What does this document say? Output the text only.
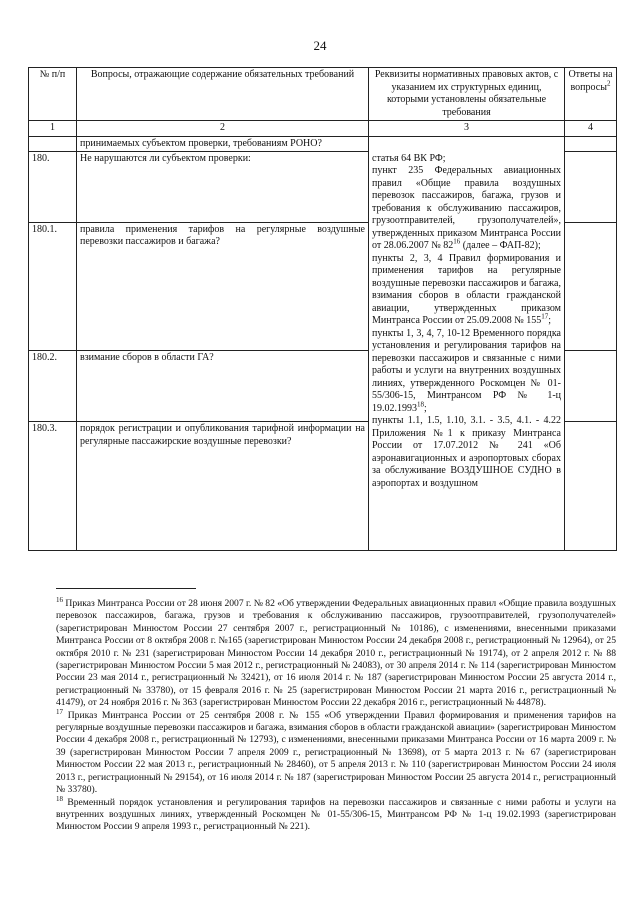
24
№ п/п	Вопросы, отражающие содержание обязательных требований	Реквизиты нормативных правовых актов, с указанием их структурных единиц, которыми установлены обязательные требования	Ответы на вопросы$^2$
1	2	3	4
	принимаемых субъектом проверки, требованиям РОНО?		
180.	Не нарушаются ли субъектом проверки:	статья 64 ВК РФ;
пункт 235 Федеральных авиационных правил «Общие правила воздушных перевозок пассажиров, багажа, грузов и требования к обслуживанию пассажиров, грузоотправителей, грузополучателей», утвержденных приказом Минтранса России от 28.06.2007 № $82^{16}$ (далее – ФАП-82);
пункты 2, 3, 4 Правил формирования и применения тарифов на регулярные воздушные перевозки пассажиров и багажа, взимания сборов в области гражданской авиации, утвержденных приказом Минтранса России от 25.09.2008 № $155^{17}$;
пункты 1, 3, 4, 7, 10-12 Временного порядка установления и регулирования тарифов на перевозки пассажиров и связанные с ними работы и услуги на внутренних воздушных линиях, утвержденного Роскомцен № 01-55/306-15, Минтрансом РФ № 1-ц 19.02.1993$^{18}$;
пункты 1.1, 1.5, 1.10, 3.1. - 3.5, 4.1. - 4.22 Приложения №1 к приказу Минтранса России от 17.07.2012 № 241 «Об аэронавигационных и аэропортовых сборах за обслуживание ВОЗДУШНОЕ СУДНО в аэропортах и воздушном	

180.1.	правила применения тарифов на регулярные воздушные перевозки пассажиров и багажа?		
180.2.	взимание сборов в области ГА?		
180.3.	порядок регистрации и опубликования тарифной информации на регулярные пассажирские воздушные перевозки?		

$^{16}$ Приказ Минтранса России от 28 июня 2007 г. № 82 «Об утверждении Федеральных авиационных правил «Общие правила воздушных перевозок пассажиров, багажа, грузов и требования к обслуживанию пассажиров, грузоотправителей, грузополучателей» (зарегистрирован Минюстом России 27 сентября 2007 г., регистрационный № 10186), с изменениями, внесенными приказами Минтранса России от 8 октября 2008 г. №165 (зарегистрирован Минюстом России 24 декабря 2008 г., регистрационный № 12964), от 25 октября 2010 г. № 231 (зарегистрирован Минюстом России 14 декабря 2010 г., регистрационный № 19174), от 2 апреля 2012 г. № 88 (зарегистрирован Минюстом России 5 мая 2012 г., регистрационный № 24083), от 30 апреля 2014 г. № 114 (зарегистрирован Минюстом России 23 мая 2014 г., регистрационный № 32421), от 16 июля 2014 г. № 187 (зарегистрирован Минюстом России 25 августа 2014 г., регистрационный № 33780), от 15 февраля 2016 г. № 25 (зарегистрирован Минюстом России 21 марта 2016 г., регистрационный № 41479), от 24 ноября 2016 г. № 363 (зарегистрирован Минюстом России 22 декабря 2016 г., регистрационный № 44878).

$^{17}$ Приказ Минтранса России от 25 сентября 2008 г. № 155 «Об утверждении Правил формирования и применения тарифов на регулярные воздушные перевозки пассажиров и багажа, взимания сборов в области гражданской авиации» (зарегистрирован Минюстом России 4 декабря 2008 г., регистрационный № 12793), с изменениями, внесенными приказами Минтранса России от 16 марта 2009 г. № 39 (зарегистрирован Минюстом России 7 апреля 2009 г., регистрационный № 13698), от 5 марта 2013 г. № 67 (зарегистрирован Минюстом России 22 мая 2013 г., регистрационный № 28460), от 5 апреля 2013 г. № 110 (зарегистрирован Минюстом России 24 июля 2013 г., регистрационный № 29154), от 16 июля 2014 г. № 187 (зарегистрирован Минюстом России 25 августа 2014 г., регистрационный № 33780).

$^{18}$ Временный порядок установления и регулирования тарифов на перевозки пассажиров и связанные с ними работы и услуги на внутренних воздушных линиях, утвержденный Роскомцен № 01-55/306-15, Минтрансом РФ № 1-ц 19.02.1993 (зарегистрирован Минюстом России 9 апреля 1993 г., регистрационный № 221).
